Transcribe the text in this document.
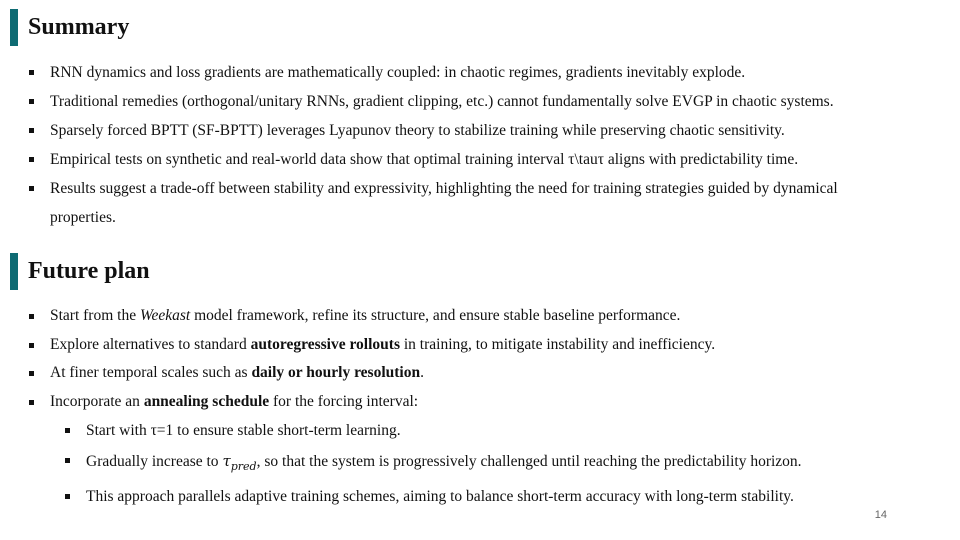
Summary
RNN dynamics and loss gradients are mathematically coupled: in chaotic regimes, gradients inevitably explode.
Traditional remedies (orthogonal/unitary RNNs, gradient clipping, etc.) cannot fundamentally solve EVGP in chaotic systems.
Sparsely forced BPTT (SF-BPTT) leverages Lyapunov theory to stabilize training while preserving chaotic sensitivity.
Empirical tests on synthetic and real-world data show that optimal training interval τ\tauτ aligns with predictability time.
Results suggest a trade-off between stability and expressivity, highlighting the need for training strategies guided by dynamical properties.
Future plan
Start from the Weekast model framework, refine its structure, and ensure stable baseline performance.
Explore alternatives to standard autoregressive rollouts in training, to mitigate instability and inefficiency.
At finer temporal scales such as daily or hourly resolution.
Incorporate an annealing schedule for the forcing interval:
Start with τ=1 to ensure stable short-term learning.
Gradually increase to $\tau_{pred}$, so that the system is progressively challenged until reaching the predictability horizon.
This approach parallels adaptive training schemes, aiming to balance short-term accuracy with long-term stability.
14
